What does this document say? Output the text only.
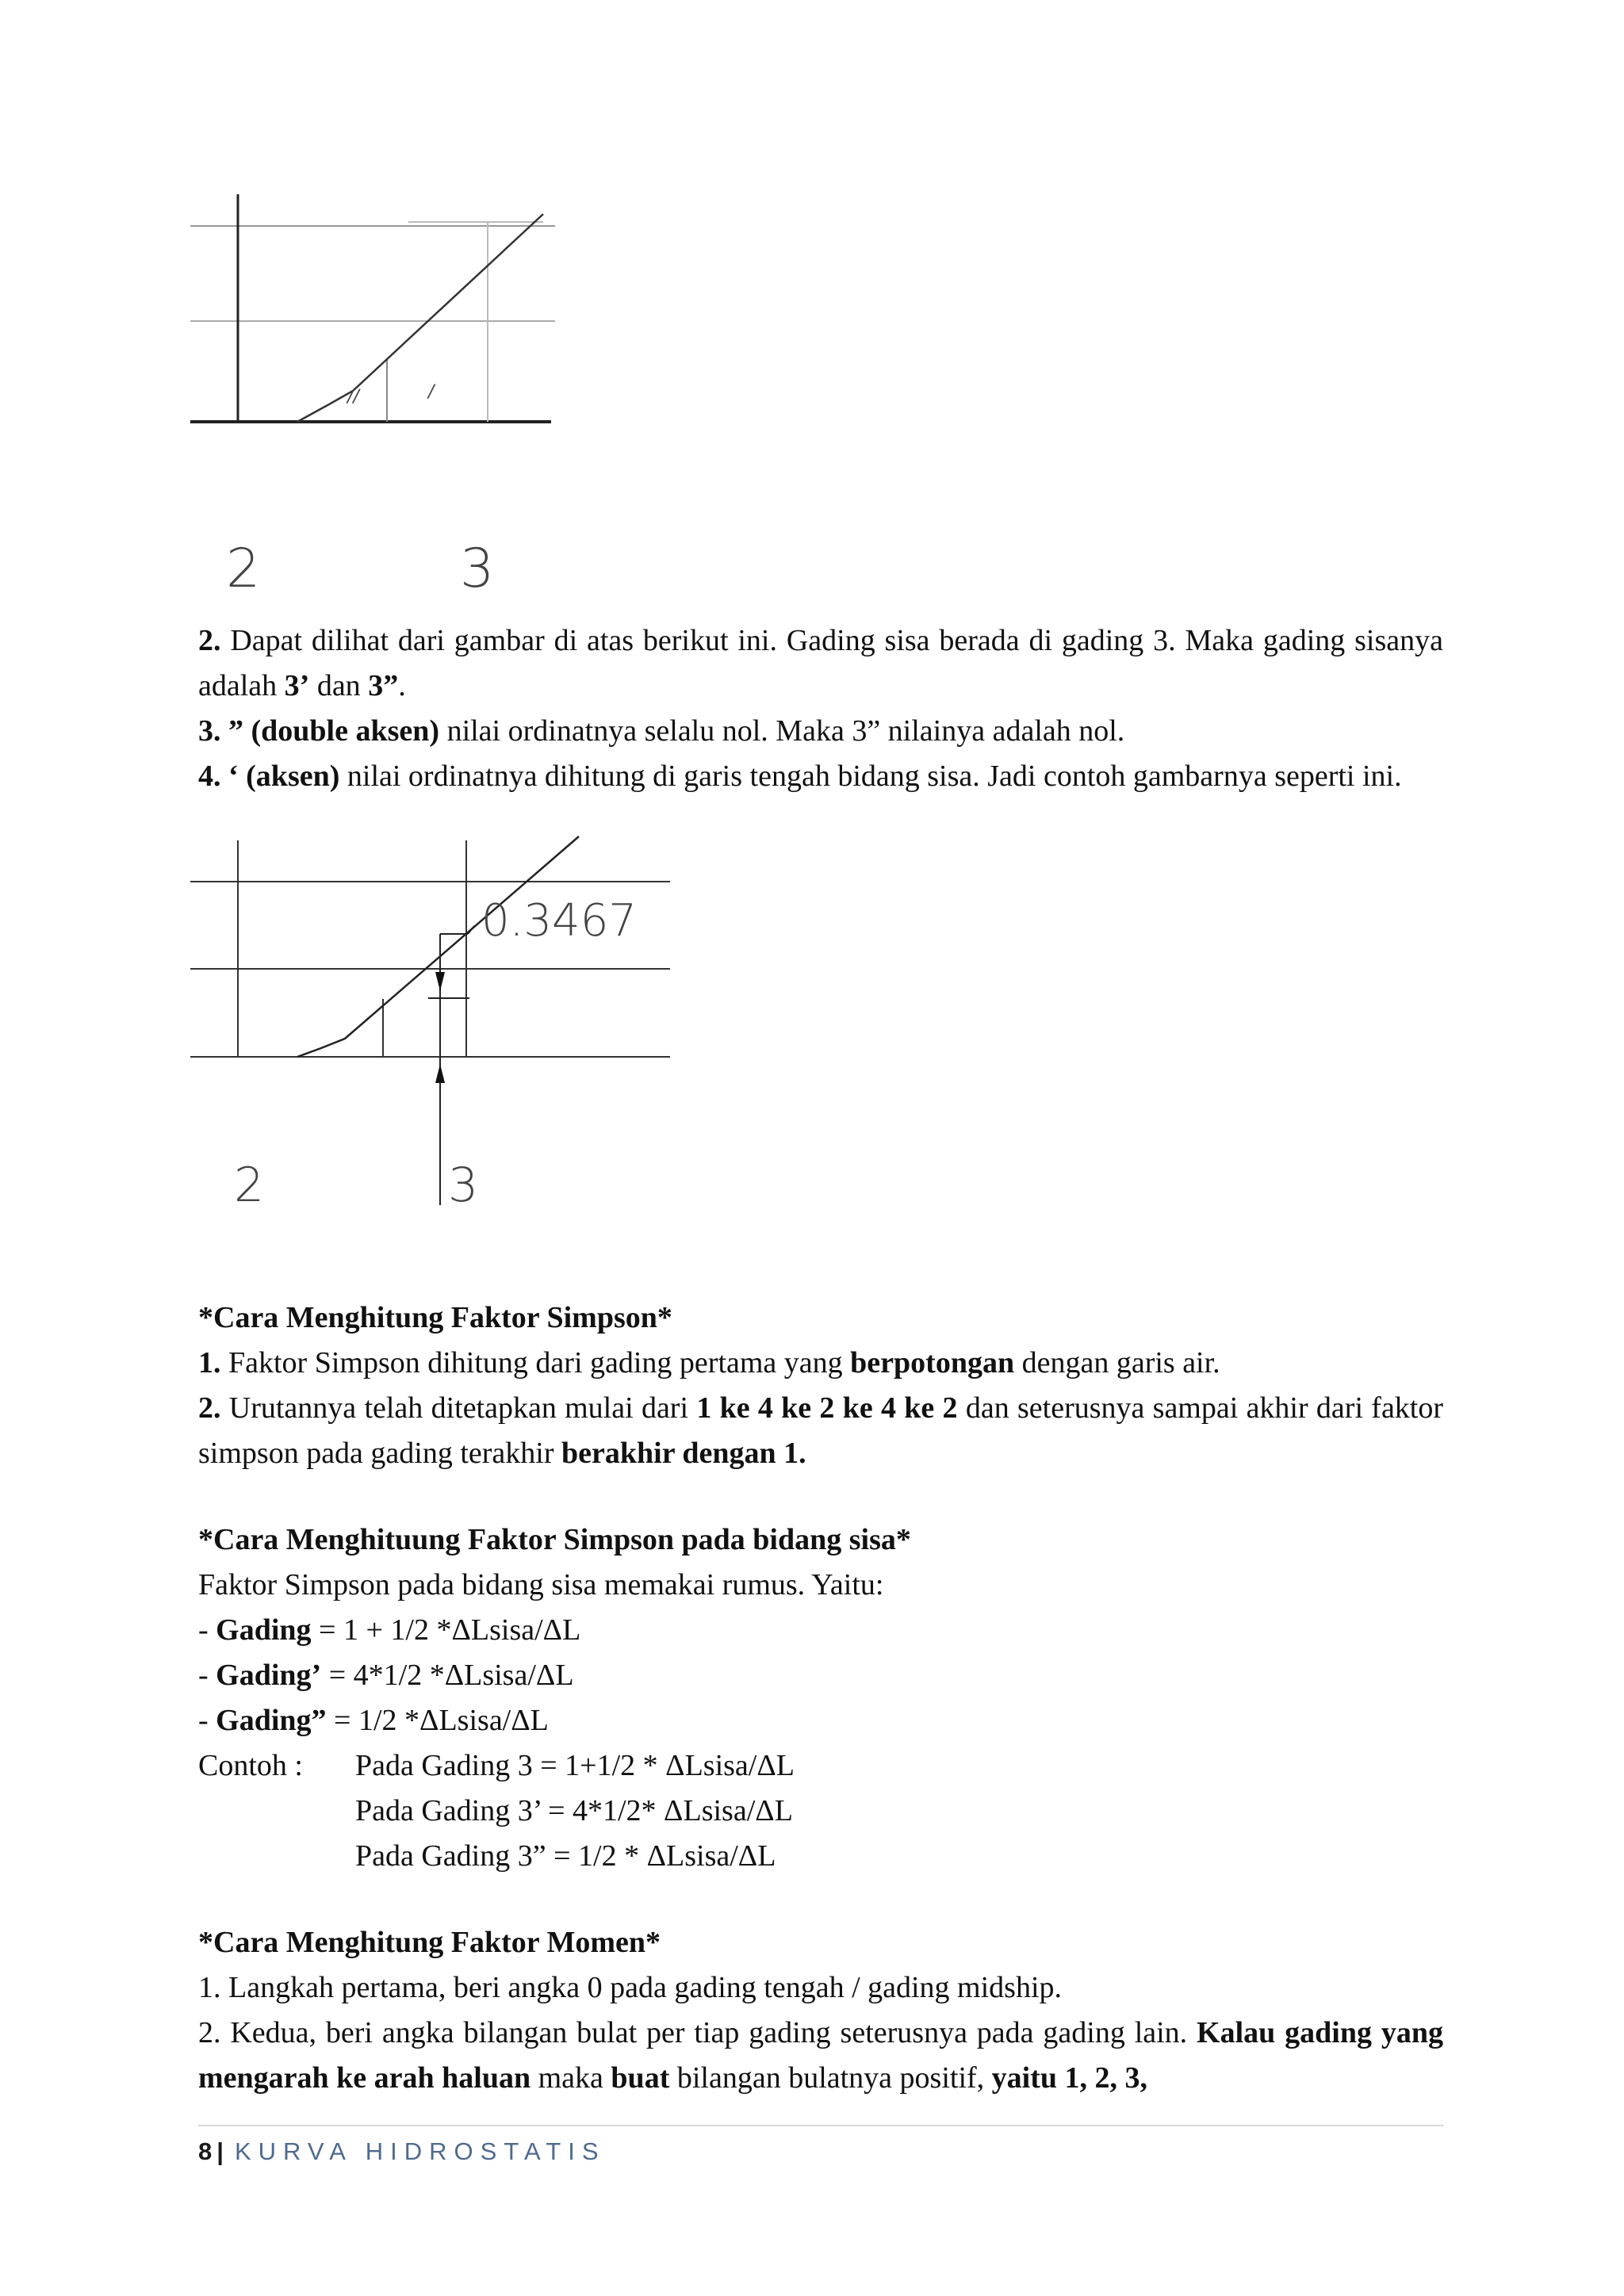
//	/
2	3

2. Dapat dilihat dari gambar di atas berikut ini. Gading sisa berada di gading 3. Maka gading sisanya adalah 3’ dan 3”.

3. ” (double aksen) nilai ordinatnya selalu nol. Maka 3” nilainya adalah nol.

4. ‘ (aksen) nilai ordinatnya dihitung di garis tengah bidang sisa. Jadi contoh gambarnya seperti ini.

0.3467
2	3

*Cara Menghitung Faktor Simpson*

1. Faktor Simpson dihitung dari gading pertama yang berpotongan dengan garis air.

2. Urutannya telah ditetapkan mulai dari 1 ke 4 ke 2 ke 4 ke 2 dan seterusnya sampai akhir dari faktor simpson pada gading terakhir berakhir dengan 1.

*Cara Menghituung Faktor Simpson pada bidang sisa*

Faktor Simpson pada bidang sisa memakai rumus. Yaitu:

- Gading = 1 + 1/2 *ΔLsisa/ΔL

- Gading’ = 4*1/2 *ΔLsisa/ΔL

- Gading” = 1/2 *ΔLsisa/ΔL

Contoh :	Pada Gading 3 = 1+1/2 * ΔLsisa/ΔL
Pada Gading 3’ = 4*1/2* ΔLsisa/ΔL
Pada Gading 3” = 1/2 * ΔLsisa/ΔL

*Cara Menghitung Faktor Momen*

1. Langkah pertama, beri angka 0 pada gading tengah / gading midship.

2. Kedua, beri angka bilangan bulat per tiap gading seterusnya pada gading lain. Kalau gading yang mengarah ke arah haluan maka buat bilangan bulatnya positif, yaitu 1, 2, 3,

8 | KURVA HIDROSTATIS
